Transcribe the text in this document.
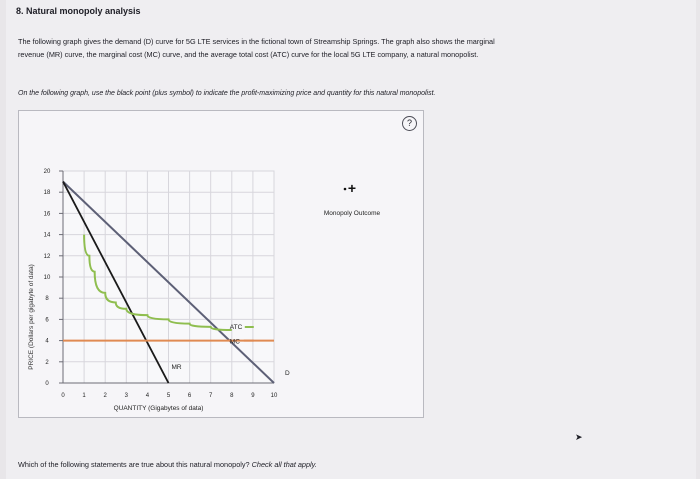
8. Natural monopoly analysis
The following graph gives the demand (D) curve for 5G LTE services in the fictional town of Streamship Springs. The graph also shows the marginal
revenue (MR) curve, the marginal cost (MC) curve, and the average total cost (ATC) curve for the local 5G LTE company, a natural monopolist.
On the following graph, use the black point (plus symbol) to indicate the profit-maximizing price and quantity for this natural monopolist.
?
0	1	2	3	4	5	6	7	8	9	10
0
2
4
6
8
10
12
14
16
18
20
QUANTITY (Gigabytes of data)
PRICE (Dollars per gigabyte of data)	ATC
MC
MR
D
+
Monopoly Outcome
Which of the following statements are true about this natural monopoly? Check all that apply.
➤
